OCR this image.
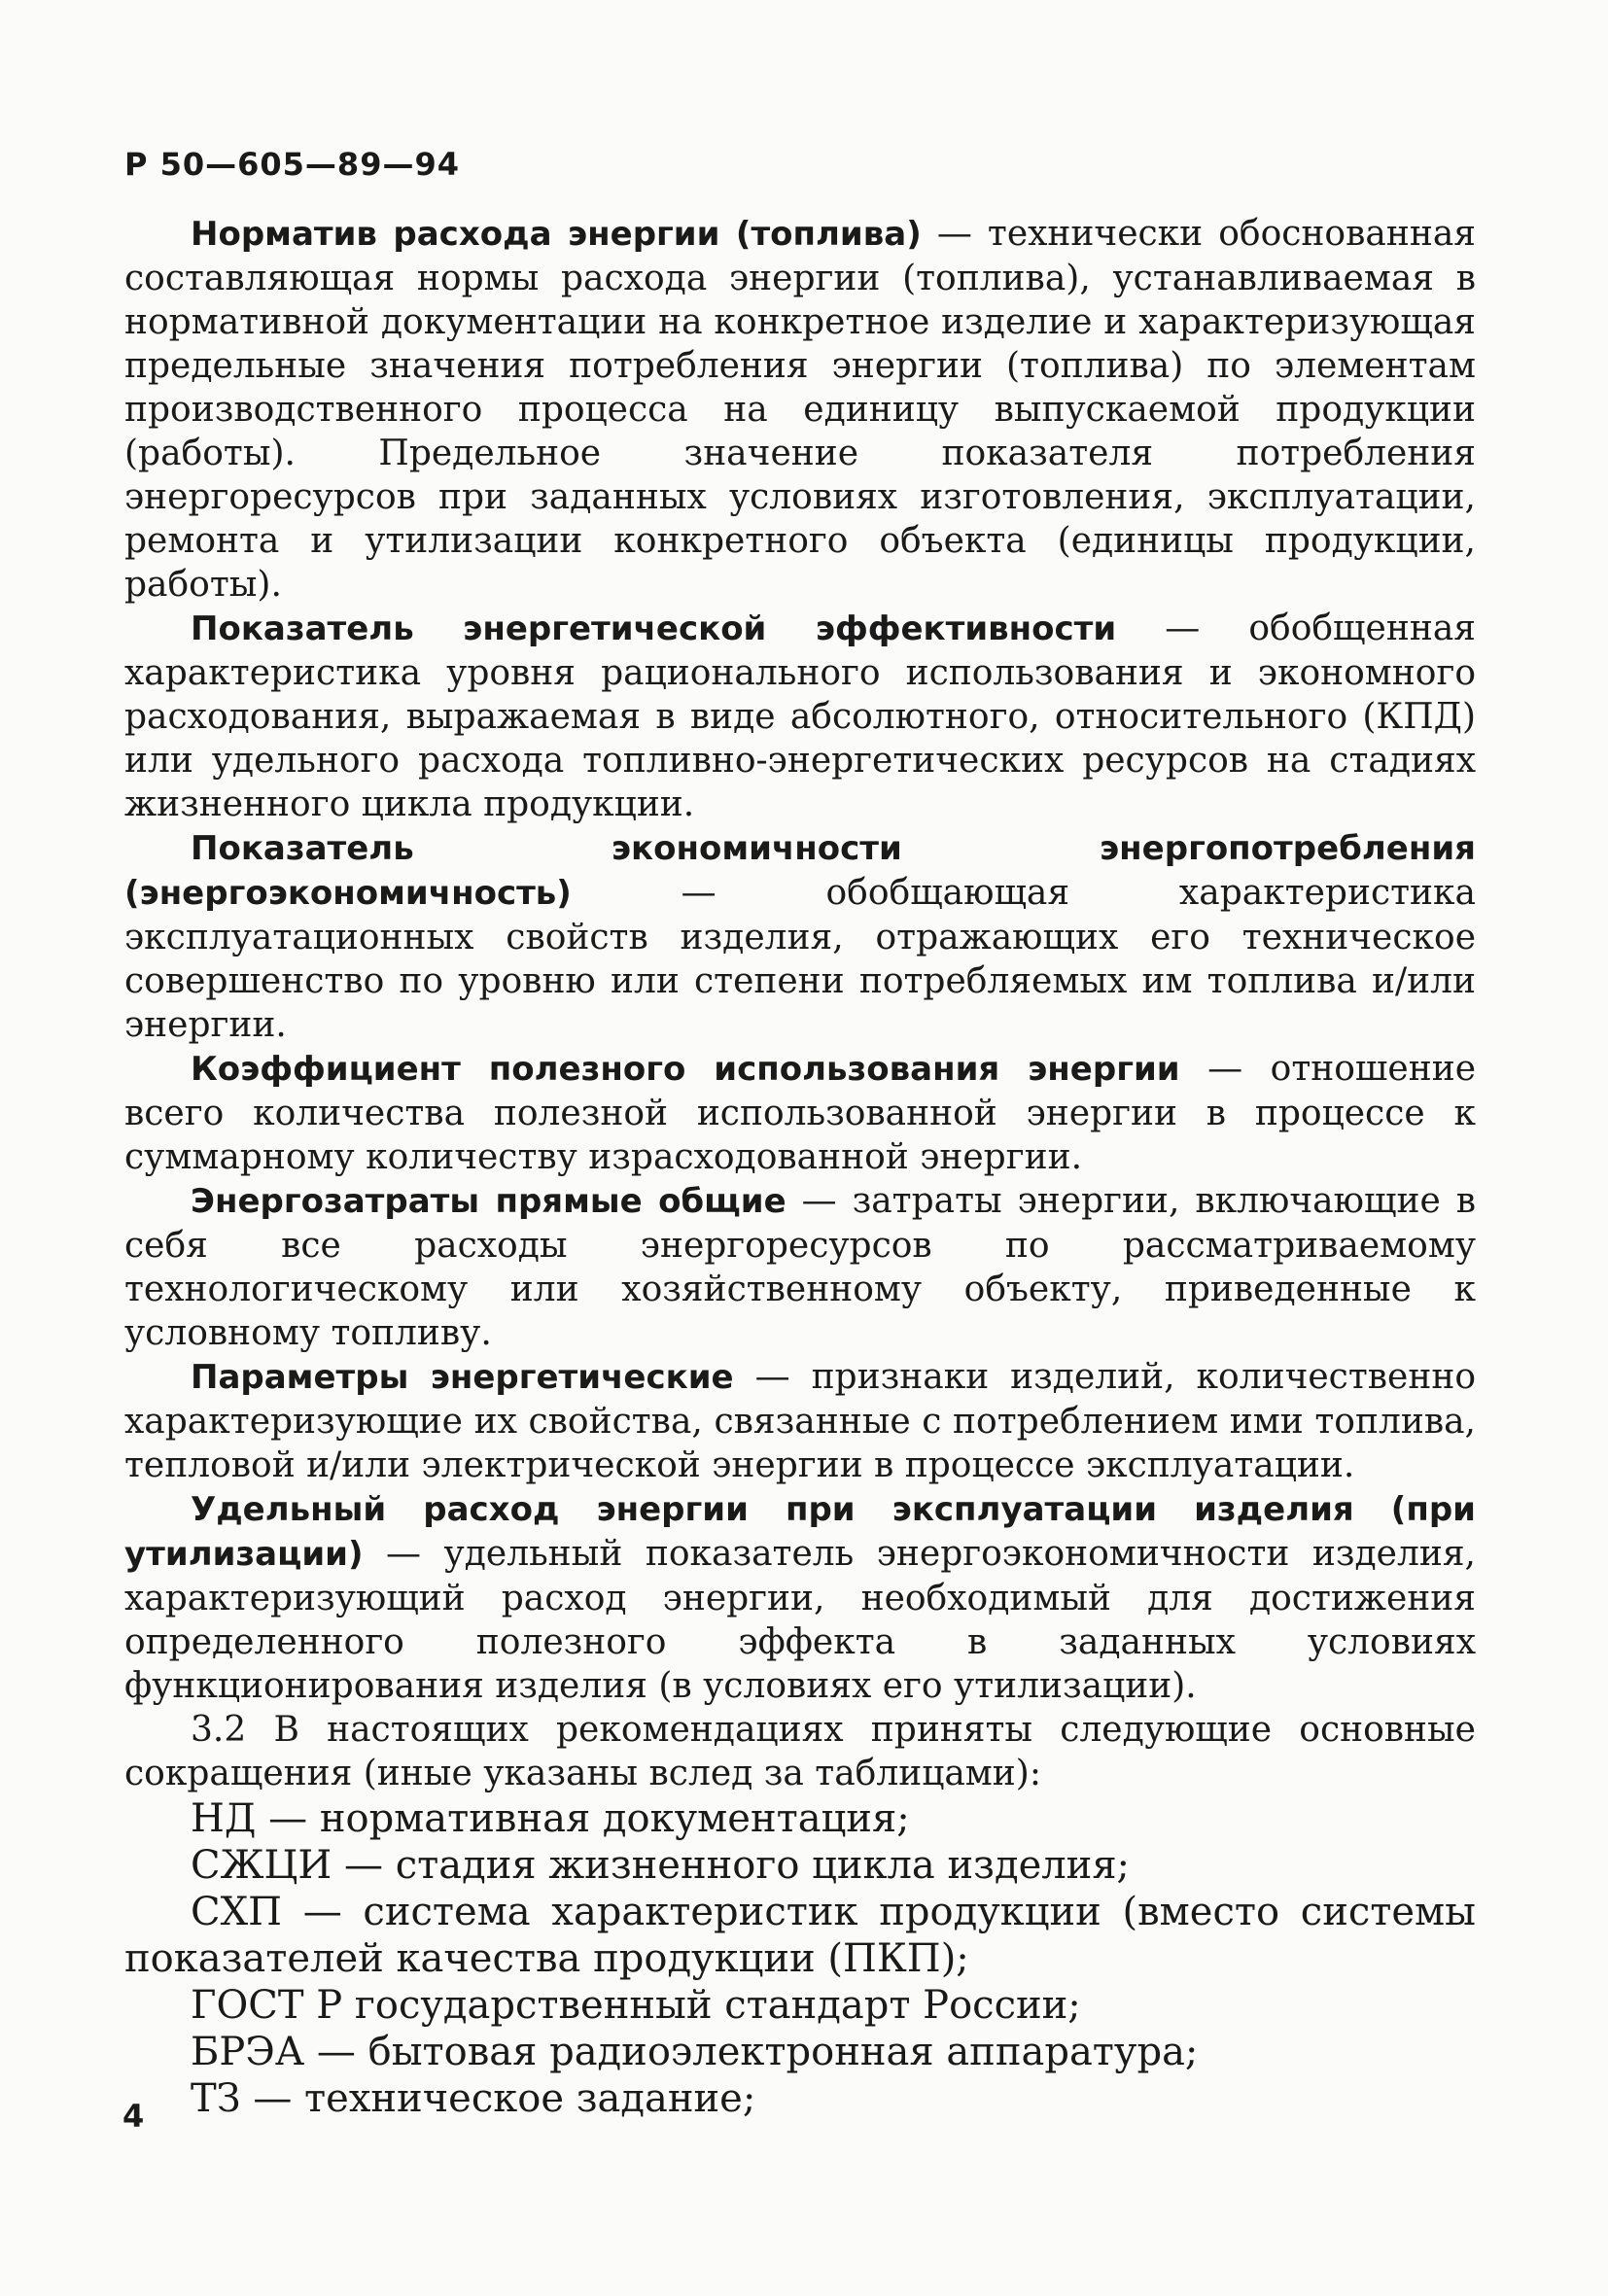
Р 50—605—89—94

Норматив расхода энергии (топлива) — технически обоснованная составляющая нормы расхода энергии (топлива), устанавливаемая в нормативной документации на конкретное изделие и характеризующая предельные значения потребления энергии (топлива) по элементам производственного процесса на единицу выпускаемой продукции (работы). Предельное значение показателя потребления энергоресурсов при заданных условиях изготовления, эксплуатации, ремонта и утилизации конкретного объекта (единицы продукции, работы).

Показатель энергетической эффективности — обобщенная характеристика уровня рационального использования и экономного расходования, выражаемая в виде абсолютного, относительного (КПД) или удельного расхода топливно-энергетических ресурсов на стадиях жизненного цикла продукции.

Показатель экономичности энергопотребления (энергоэкономичность) — обобщающая характеристика эксплуатационных свойств изделия, отражающих его техническое совершенство по уровню или степени потребляемых им топлива и/или энергии.

Коэффициент полезного использования энергии — отношение всего количества полезной использованной энергии в процессе к суммарному количеству израсходованной энергии.

Энергозатраты прямые общие — затраты энергии, включающие в себя все расходы энергоресурсов по рассматриваемому технологическому или хозяйственному объекту, приведенные к условному топливу.

Параметры энергетические — признаки изделий, количественно характеризующие их свойства, связанные с потреблением ими топлива, тепловой и/или электрической энергии в процессе эксплуатации.

Удельный расход энергии при эксплуатации изделия (при утилизации) — удельный показатель энергоэкономичности изделия, характеризующий расход энергии, необходимый для достижения определенного полезного эффекта в заданных условиях функционирования изделия (в условиях его утилизации).

3.2 В настоящих рекомендациях приняты следующие основные сокращения (иные указаны вслед за таблицами):

НД — нормативная документация;
СЖЦИ — стадия жизненного цикла изделия;
СХП — система характеристик продукции (вместо системы показателей качества продукции (ПКП);
ГОСТ Р государственный стандарт России;
БРЭА — бытовая радиоэлектронная аппаратура;
ТЗ — техническое задание;
4
